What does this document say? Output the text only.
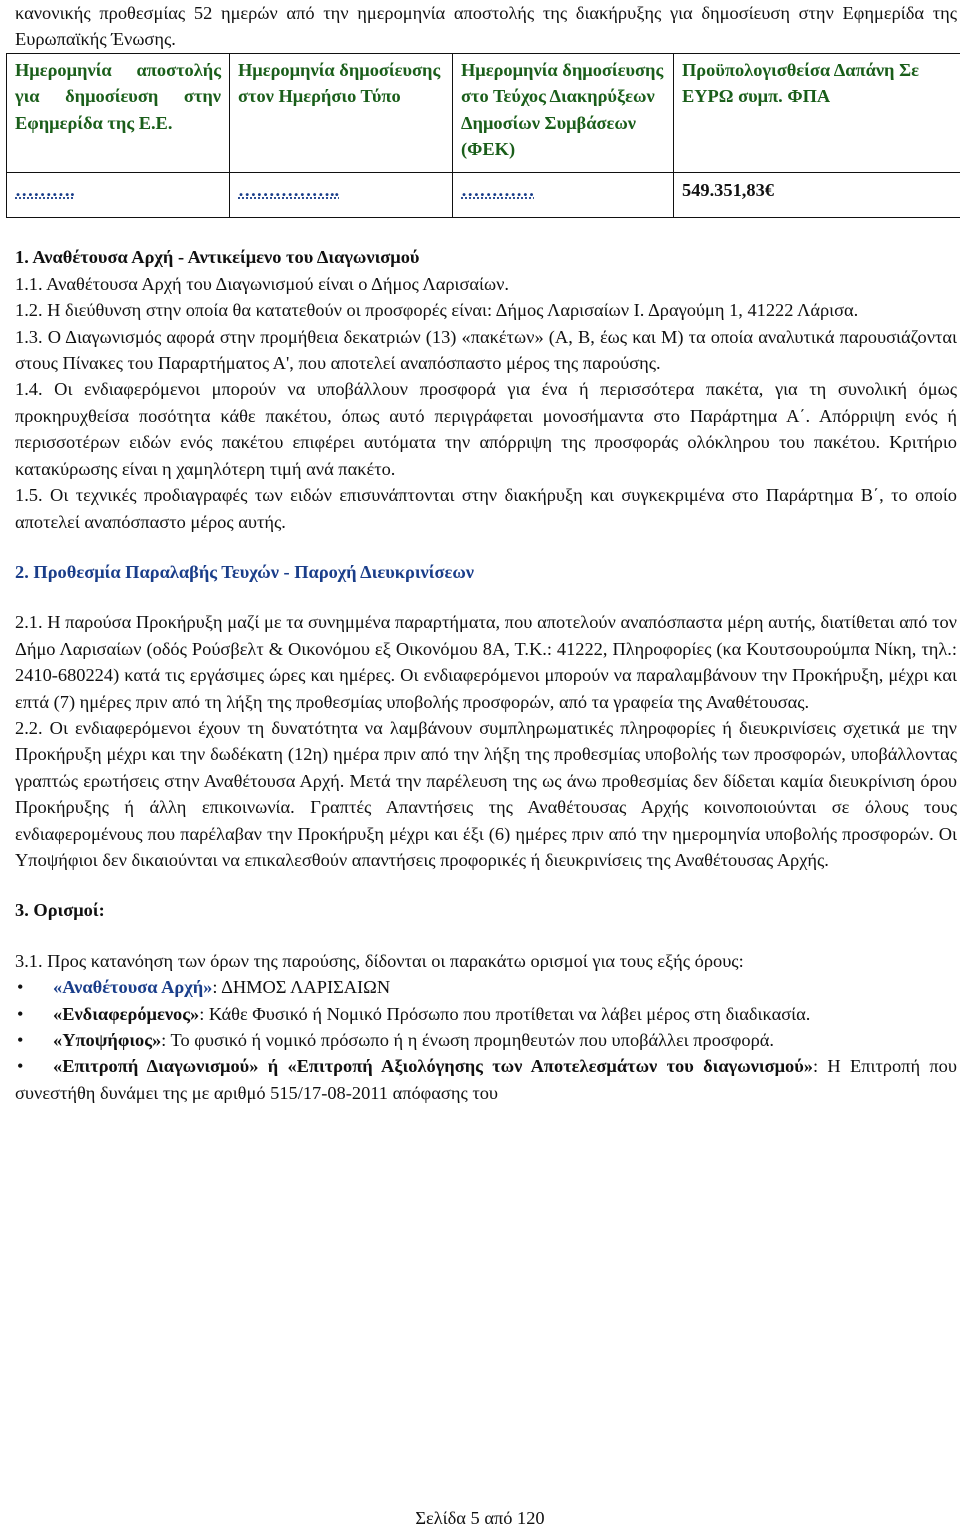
κανονικής προθεσμίας 52 ημερών από την ημερομηνία αποστολής της διακήρυξης για δημοσίευση στην Εφημερίδα της Ευρωπαϊκής Ένωσης.

Ημερομηνία αποστολής για δημοσίευση στην Εφημερίδα της Ε.Ε.	Ημερομηνία δημοσίευσης στον Ημερήσιο Τύπο	Ημερομηνία δημοσίευσης στο Τεύχος Διακηρύξεων Δημοσίων Συμβάσεων (ΦΕΚ)	Προϋπολογισθείσα Δαπάνη Σε ΕΥΡΩ συμπ. ΦΠΑ

……….	……………..	…………	549.351,83€

1. Αναθέτουσα Αρχή - Αντικείμενο του Διαγωνισμού

1.1. Αναθέτουσα Αρχή του Διαγωνισμού είναι ο Δήμος Λαρισαίων.

1.2. Η διεύθυνση στην οποία θα κατατεθούν οι προσφορές είναι: Δήμος Λαρισαίων Ι. Δραγούμη 1, 41222 Λάρισα.

1.3. Ο Διαγωνισμός αφορά στην προμήθεια δεκατριών (13) «πακέτων» (Α, Β, έως και Μ) τα οποία αναλυτικά παρουσιάζονται στους Πίνακες του Παραρτήματος Α', που αποτελεί αναπόσπαστο μέρος της παρούσης.

1.4. Οι ενδιαφερόμενοι μπορούν να υποβάλλουν προσφορά για ένα ή περισσότερα πακέτα, για τη συνολική όμως προκηρυχθείσα ποσότητα κάθε πακέτου, όπως αυτό περιγράφεται μονοσήμαντα στο Παράρτημα Α΄. Απόρριψη ενός ή περισσοτέρων ειδών ενός πακέτου επιφέρει αυτόματα την απόρριψη της προσφοράς ολόκληρου του πακέτου. Κριτήριο κατακύρωσης είναι η χαμηλότερη τιμή ανά πακέτο.

1.5. Οι τεχνικές προδιαγραφές των ειδών επισυνάπτονται στην διακήρυξη και συγκεκριμένα στο Παράρτημα Β΄, το οποίο αποτελεί αναπόσπαστο μέρος αυτής.

2. Προθεσμία Παραλαβής Τευχών - Παροχή Διευκρινίσεων

2.1. Η παρούσα Προκήρυξη μαζί με τα συνημμένα παραρτήματα, που αποτελούν αναπόσπαστα μέρη αυτής, διατίθεται από τον Δήμο Λαρισαίων (οδός Ρούσβελτ & Οικονόμου εξ Οικονόμου 8Α, Τ.Κ.: 41222, Πληροφορίες (κα Κουτσουρούμπα Νίκη, τηλ.: 2410-680224) κατά τις εργάσιμες ώρες και ημέρες. Οι ενδιαφερόμενοι μπορούν να παραλαμβάνουν την Προκήρυξη, μέχρι και επτά (7) ημέρες πριν από τη λήξη της προθεσμίας υποβολής προσφορών, από τα γραφεία της Αναθέτουσας.

2.2. Οι ενδιαφερόμενοι έχουν τη δυνατότητα να λαμβάνουν συμπληρωματικές πληροφορίες ή διευκρινίσεις σχετικά με την Προκήρυξη μέχρι και την δωδέκατη (12η) ημέρα πριν από την λήξη της προθεσμίας υποβολής των προσφορών, υποβάλλοντας γραπτώς ερωτήσεις στην Αναθέτουσα Αρχή. Μετά την παρέλευση της ως άνω προθεσμίας δεν δίδεται καμία διευκρίνιση όρου Προκήρυξης ή άλλη επικοινωνία. Γραπτές Απαντήσεις της Αναθέτουσας Αρχής κοινοποιούνται σε όλους τους ενδιαφερομένους που παρέλαβαν την Προκήρυξη μέχρι και έξι (6) ημέρες πριν από την ημερομηνία υποβολής προσφορών. Οι Υποψήφιοι δεν δικαιούνται να επικαλεσθούν απαντήσεις προφορικές ή διευκρινίσεις της Αναθέτουσας Αρχής.

3. Ορισμοί:

3.1. Προς κατανόηση των όρων της παρούσης, δίδονται οι παρακάτω ορισμοί για τους εξής όρους:

• «Αναθέτουσα Αρχή»: ΔΗΜΟΣ ΛΑΡΙΣΑΙΩΝ
• «Ενδιαφερόμενος»: Κάθε Φυσικό ή Νομικό Πρόσωπο που προτίθεται να λάβει μέρος στη διαδικασία.
• «Υποψήφιος»: Το φυσικό ή νομικό πρόσωπο ή η ένωση προμηθευτών που υποβάλλει προσφορά.
• «Επιτροπή Διαγωνισμού» ή «Επιτροπή Αξιολόγησης των Αποτελεσμάτων του διαγωνισμού»: Η Επιτροπή που συνεστήθη δυνάμει της με αριθμό 515/17-08-2011 απόφασης του
Σελίδα 5 από 120
